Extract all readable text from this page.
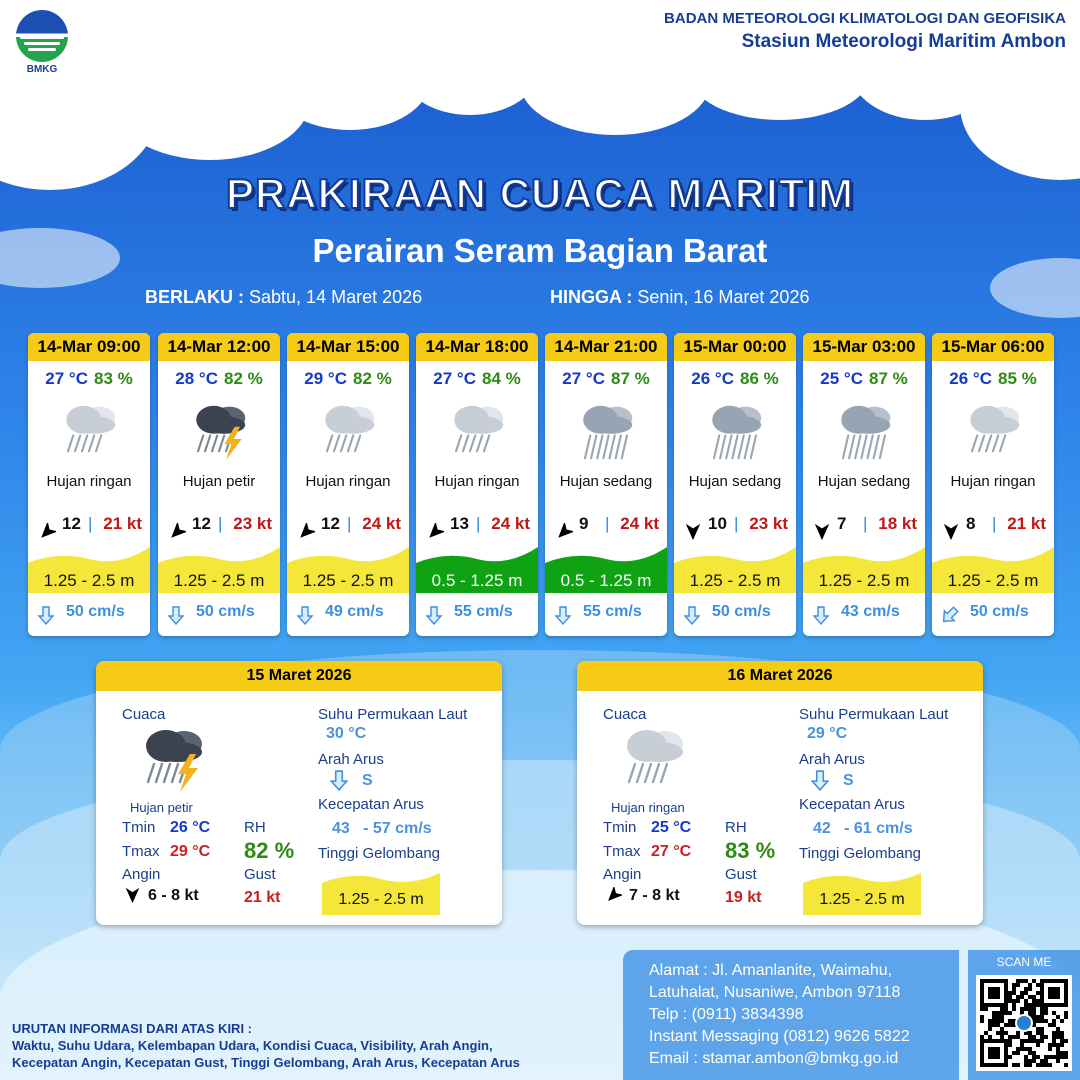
BMKG
BADAN METEOROLOGI KLIMATOLOGI DAN GEOFISIKA
Stasiun Meteorologi Maritim Ambon
PRAKIRAAN CUACA MARITIM
Perairan Seram Bagian Barat
BERLAKU : Sabtu, 14 Maret 2026	HINGGA : Senin, 16 Maret 2026
14-Mar 09:00
27 °C 83 %
Hujan ringan
12 | 21 kt
1.25 - 2.5 m
50 cm/s
14-Mar 12:00
28 °C 82 %
Hujan petir
12 | 23 kt
1.25 - 2.5 m
50 cm/s
14-Mar 15:00
29 °C 82 %
Hujan ringan
12 | 24 kt
1.25 - 2.5 m
49 cm/s
14-Mar 18:00
27 °C 84 %
Hujan ringan
13 | 24 kt
0.5 - 1.25 m
55 cm/s
14-Mar 21:00
27 °C 87 %
Hujan sedang
9 | 24 kt
0.5 - 1.25 m
55 cm/s
15-Mar 00:00
26 °C 86 %
Hujan sedang
10 | 23 kt
1.25 - 2.5 m
50 cm/s
15-Mar 03:00
25 °C 87 %
Hujan sedang
7 | 18 kt
1.25 - 2.5 m
43 cm/s
15-Mar 06:00
26 °C 85 %
Hujan ringan
8 | 21 kt
1.25 - 2.5 m
50 cm/s
15 Maret 2026
Cuaca
Hujan petir
Tmin 26 °C
Tmax 29 °C
Angin
6 - 8 kt
RH
82 %
Gust
21 kt
Suhu Permukaan Laut
30 °C
Arah Arus
S
Kecepatan Arus
43   - 57 cm/s
Tinggi Gelombang
1.25 - 2.5 m
16 Maret 2026
Cuaca
Hujan ringan
Tmin 25 °C
Tmax 27 °C
Angin
7 - 8 kt
RH
83 %
Gust
19 kt
Suhu Permukaan Laut
29 °C
Arah Arus
S
Kecepatan Arus
42   - 61 cm/s
Tinggi Gelombang
1.25 - 2.5 m
URUTAN INFORMASI DARI ATAS KIRI :
Waktu, Suhu Udara, Kelembapan Udara, Kondisi Cuaca, Visibility, Arah Angin,
Kecepatan Angin, Kecepatan Gust, Tinggi Gelombang, Arah Arus, Kecepatan Arus
Alamat : Jl. Amanlanite, Waimahu,
Latuhalat, Nusaniwe, Ambon 97118
Telp : (0911) 3834398
Instant Messaging (0812) 9626 5822
Email : stamar.ambon@bmkg.go.id
SCAN ME
